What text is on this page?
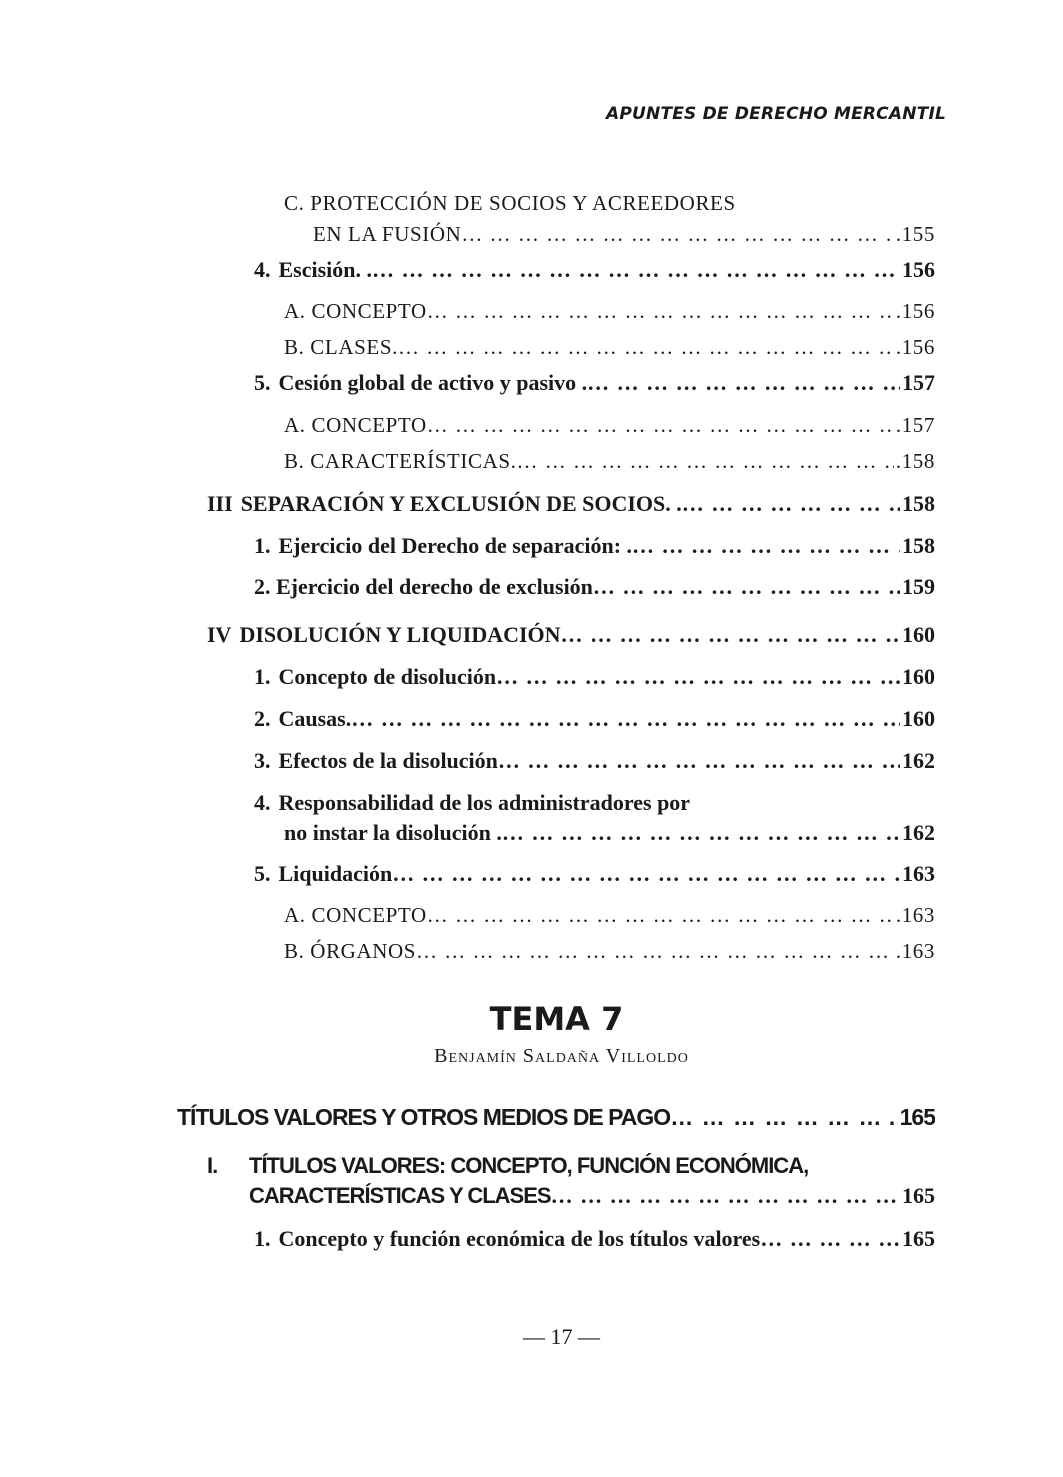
APUNTES DE DERECHO MERCANTIL
C. PROTECCIÓN DE SOCIOS Y ACREEDORES
EN LA FUSIÓN … … … … … … … … … … … … … … … … … … … … … … … … … … … … … … … … … … … … … … … … … … …	.155
4. Escisión. . … … … … … … … … … … … … … … … … … … … … … … … … … … … … … … … … … … … … … … … … … … …	156
A. CONCEPTO … … … … … … … … … … … … … … … … … … … … … … … … … … … … … … … … … … … … … … … … … … …	.156
B. CLASES. … … … … … … … … … … … … … … … … … … … … … … … … … … … … … … … … … … … … … … … … … … …	.156
5. Cesión global de activo y pasivo . … … … … … … … … … … … … … … … … … … … … … … … … … … … … … … … … … … … … … … … … … … …	157
A. CONCEPTO … … … … … … … … … … … … … … … … … … … … … … … … … … … … … … … … … … … … … … … … … … …	.157
B. CARACTERÍSTICAS. … … … … … … … … … … … … … … … … … … … … … … … … … … … … … … … … … … … … … … … … … … …	.158
III SEPARACIÓN Y EXCLUSIÓN DE SOCIOS. . … … … … … … … … … … … … … … … … … … … … … … … … … … … … … … … … … … … … … … … … … … …	158
1. Ejercicio del Derecho de separación: . … … … … … … … … … … … … … … … … … … … … … … … … … … … … … … … … … … … … … … … … … … …	158
2. Ejercicio del derecho de exclusión … … … … … … … … … … … … … … … … … … … … … … … … … … … … … … … … … … … … … … … … … … …	159
IV DISOLUCIÓN Y LIQUIDACIÓN … … … … … … … … … … … … … … … … … … … … … … … … … … … … … … … … … … … … … … … … … … …	160
1. Concepto de disolución … … … … … … … … … … … … … … … … … … … … … … … … … … … … … … … … … … … … … … … … … … …	160
2. Causas. … … … … … … … … … … … … … … … … … … … … … … … … … … … … … … … … … … … … … … … … … … …	160
3. Efectos de la disolución … … … … … … … … … … … … … … … … … … … … … … … … … … … … … … … … … … … … … … … … … … …	162
4. Responsabilidad de los administradores por
no instar la disolución . … … … … … … … … … … … … … … … … … … … … … … … … … … … … … … … … … … … … … … … … … … …	162
5. Liquidación … … … … … … … … … … … … … … … … … … … … … … … … … … … … … … … … … … … … … … … … … … …	163
A. CONCEPTO … … … … … … … … … … … … … … … … … … … … … … … … … … … … … … … … … … … … … … … … … … …	.163
B. ÓRGANOS … … … … … … … … … … … … … … … … … … … … … … … … … … … … … … … … … … … … … … … … … … …	.163
TEMA 7
Benjamín Saldaña Villoldo
TÍTULOS VALORES Y OTROS MEDIOS DE PAGO … … … … … … … … … … … … … … … … … … … … … … … … … … … … … … … … … … … … … … … … … … …	. 165
I. TÍTULOS VALORES: CONCEPTO, FUNCIÓN ECONÓMICA,
CARACTERÍSTICAS Y CLASES … … … … … … … … … … … … … … … … … … … … … … … … … … … … … … … … … … … … … … … … … … …	165
1. Concepto y función económica de los títulos valores … … … … … … … … … … … … … … … … … … … … … … … … … … … … … … … … … … … … … … … … … … …	165
— 17 —
